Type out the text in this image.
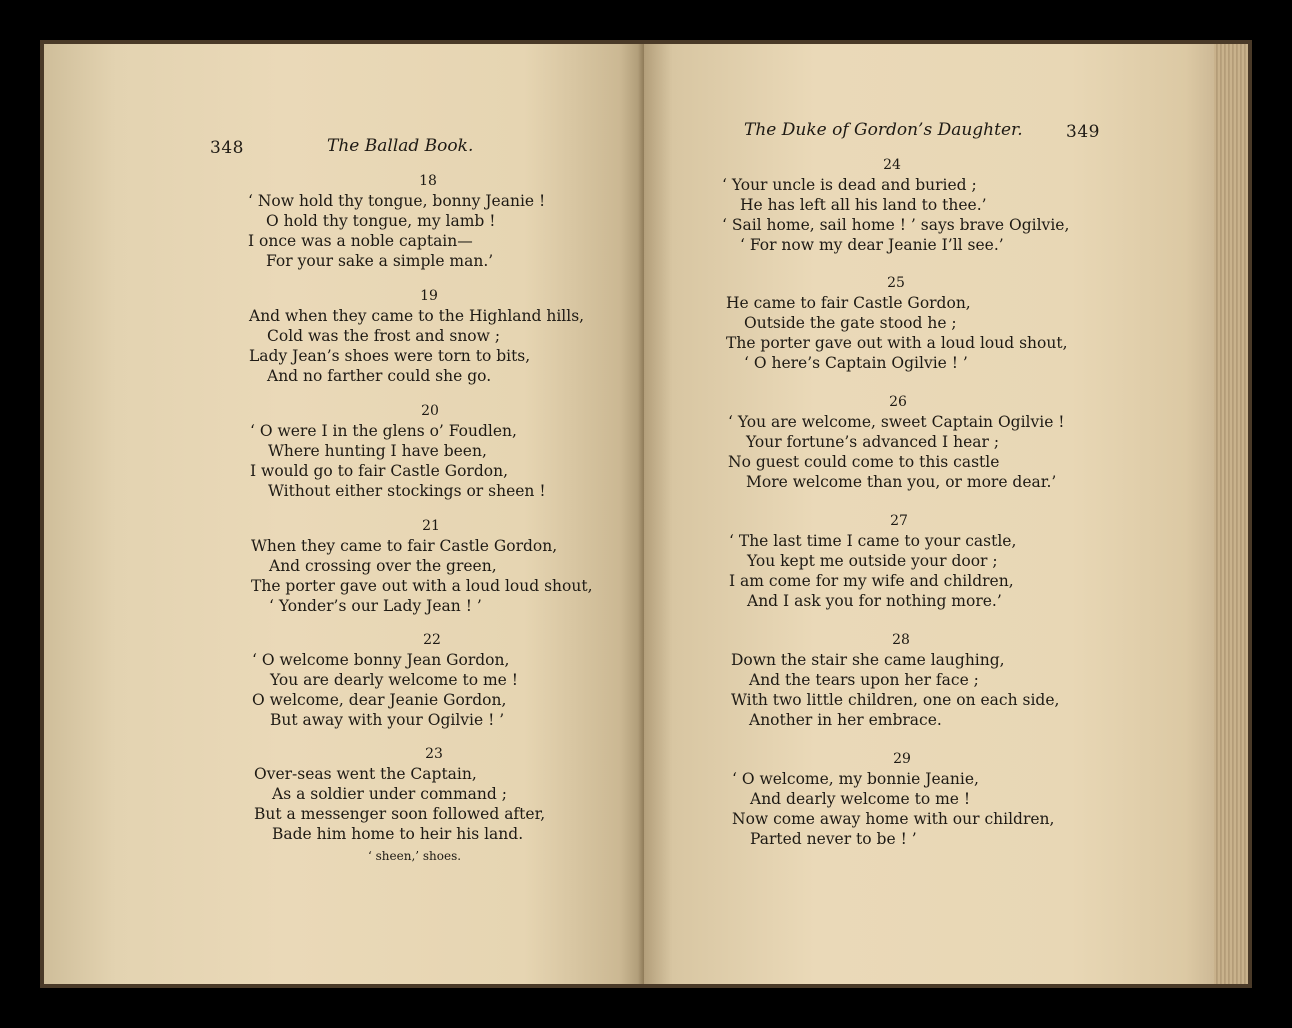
348	The Ballad Book.
18
‘ Now hold thy tongue, bonny Jeanie !
O hold thy tongue, my lamb !
I once was a noble captain—
For your sake a simple man.’
19
And when they came to the Highland hills,
Cold was the frost and snow ;
Lady Jean’s shoes were torn to bits,
And no farther could she go.
20
‘ O were I in the glens o’ Foudlen,
Where hunting I have been,
I would go to fair Castle Gordon,
Without either stockings or sheen !
21
When they came to fair Castle Gordon,
And crossing over the green,
The porter gave out with a loud loud shout,
‘ Yonder’s our Lady Jean ! ’
22
‘ O welcome bonny Jean Gordon,
You are dearly welcome to me !
O welcome, dear Jeanie Gordon,
But away with your Ogilvie ! ’
23
Over-seas went the Captain,
As a soldier under command ;
But a messenger soon followed after,
Bade him home to heir his land.
‘ sheen,’ shoes.
The Duke of Gordon’s Daughter.	349
24
‘ Your uncle is dead and buried ;
He has left all his land to thee.’
‘ Sail home, sail home ! ’ says brave Ogilvie,
‘ For now my dear Jeanie I’ll see.’
25
He came to fair Castle Gordon,
Outside the gate stood he ;
The porter gave out with a loud loud shout,
‘ O here’s Captain Ogilvie ! ’
26
‘ You are welcome, sweet Captain Ogilvie !
Your fortune’s advanced I hear ;
No guest could come to this castle
More welcome than you, or more dear.’
27
‘ The last time I came to your castle,
You kept me outside your door ;
I am come for my wife and children,
And I ask you for nothing more.’
28
Down the stair she came laughing,
And the tears upon her face ;
With two little children, one on each side,
Another in her embrace.
29
‘ O welcome, my bonnie Jeanie,
And dearly welcome to me !
Now come away home with our children,
Parted never to be ! ’
